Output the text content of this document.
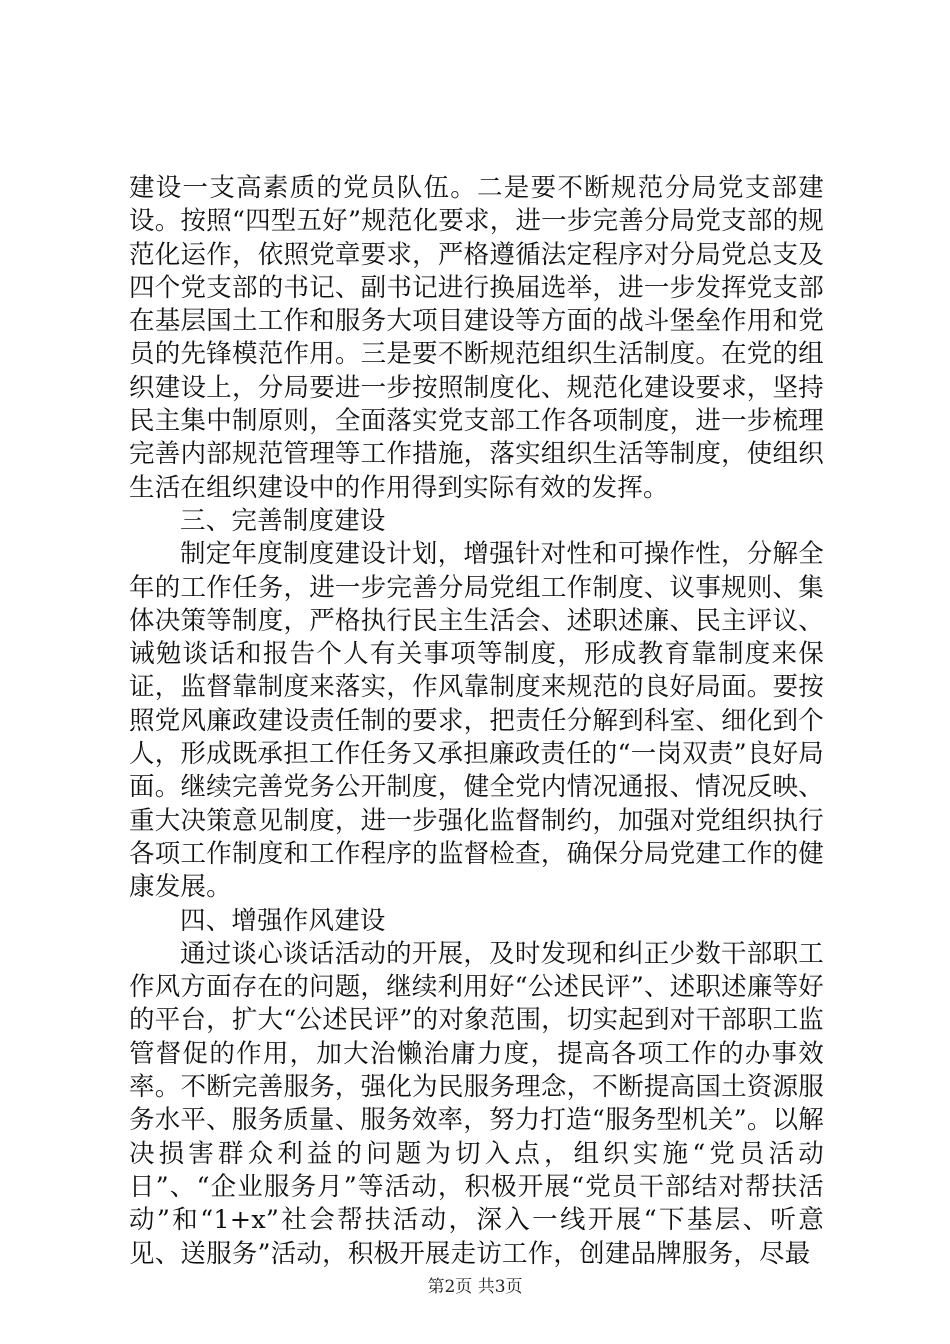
建设一支高素质的党员队伍。二是要不断规范分局党支部建设。按照“四型五好”规范化要求，进一步完善分局党支部的规范化运作，依照党章要求，严格遵循法定程序对分局党总支及四个党支部的书记、副书记进行换届选举，进一步发挥党支部在基层国土工作和服务大项目建设等方面的战斗堡垒作用和党员的先锋模范作用。三是要不断规范组织生活制度。在党的组织建设上，分局要进一步按照制度化、规范化建设要求，坚持民主集中制原则，全面落实党支部工作各项制度，进一步梳理完善内部规范管理等工作措施，落实组织生活等制度，使组织生活在组织建设中的作用得到实际有效的发挥。

三、完善制度建设

制定年度制度建设计划，增强针对性和可操作性，分解全年的工作任务，进一步完善分局党组工作制度、议事规则、集体决策等制度，严格执行民主生活会、述职述廉、民主评议、诫勉谈话和报告个人有关事项等制度，形成教育靠制度来保证，监督靠制度来落实，作风靠制度来规范的良好局面。要按照党风廉政建设责任制的要求，把责任分解到科室、细化到个人，形成既承担工作任务又承担廉政责任的“一岗双责”良好局面。继续完善党务公开制度，健全党内情况通报、情况反映、重大决策意见制度，进一步强化监督制约，加强对党组织执行各项工作制度和工作程序的监督检查，确保分局党建工作的健康发展。

四、增强作风建设

通过谈心谈话活动的开展，及时发现和纠正少数干部职工作风方面存在的问题，继续利用好“公述民评”、述职述廉等好的平台，扩大“公述民评”的对象范围，切实起到对干部职工监管督促的作用，加大治懒治庸力度，提高各项工作的办事效率。不断完善服务，强化为民服务理念，不断提高国土资源服务水平、服务质量、服务效率，努力打造“服务型机关”。以解决损害群众利益的问题为切入点，组织实施“党员活动日”、“企业服务月”等活动，积极开展“党员干部结对帮扶活动”和“1+x”社会帮扶活动，深入一线开展“下基层、听意见、送服务”活动，积极开展走访工作，创建品牌服务，尽最

第2页 共3页
